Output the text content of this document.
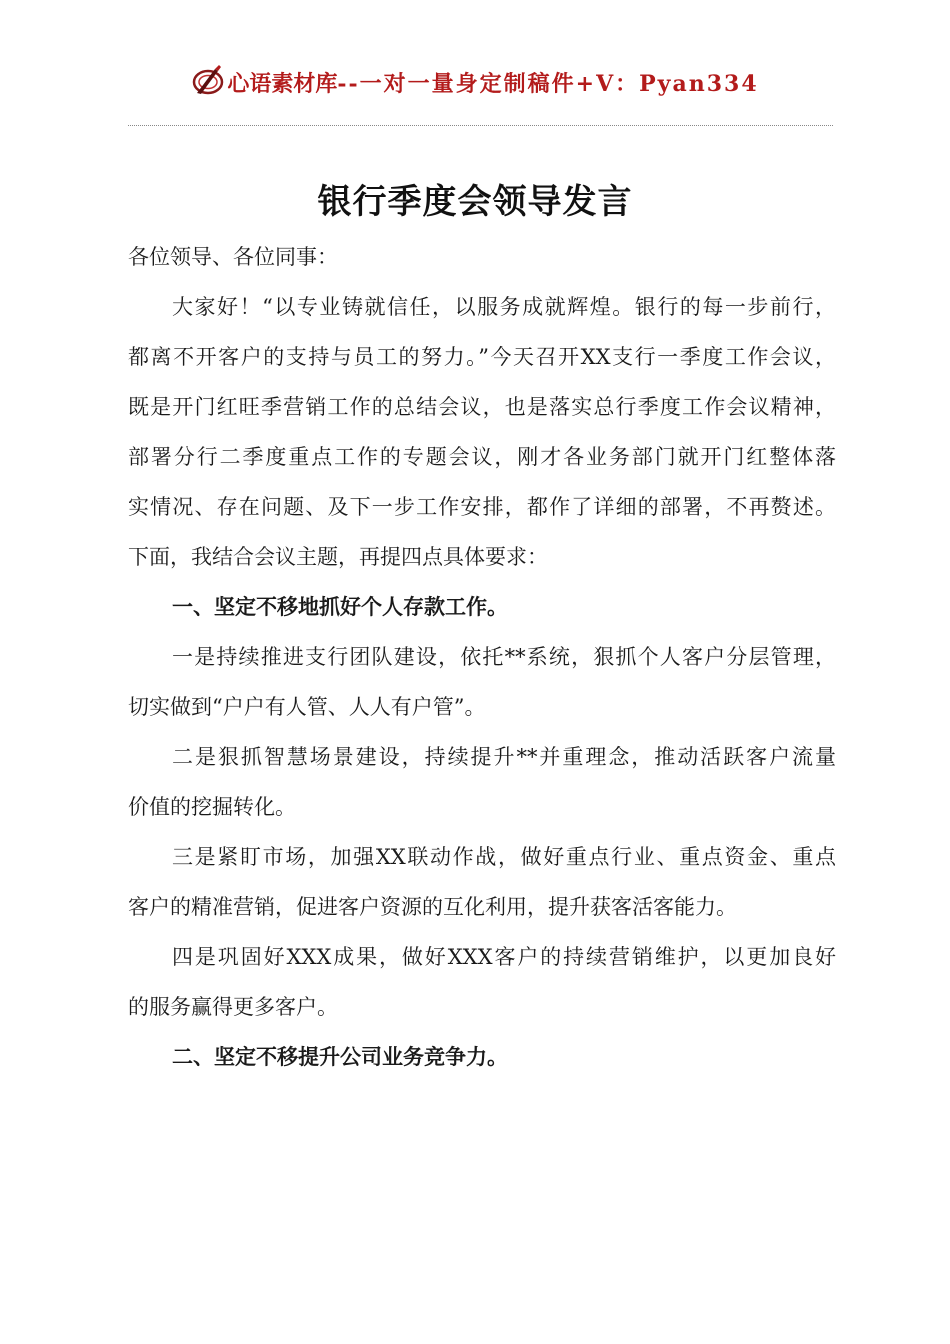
心语素材库 --一对一量身定制稿件+V：Pyan334
银行季度会领导发言
各位领导、各位同事：
大家好！“以专业铸就信任，以服务成就辉煌。银行的每一步前行，
都离不开客户的支持与员工的努力。”今天召开XX支行一季度工作会议，
既是开门红旺季营销工作的总结会议，也是落实总行季度工作会议精神，
部署分行二季度重点工作的专题会议，刚才各业务部门就开门红整体落
实情况、存在问题、及下一步工作安排，都作了详细的部署，不再赘述。
下面，我结合会议主题，再提四点具体要求：
一、坚定不移地抓好个人存款工作。
一是持续推进支行团队建设，依托**系统，狠抓个人客户分层管理，
切实做到“户户有人管、人人有户管”。
二是狠抓智慧场景建设，持续提升**并重理念，推动活跃客户流量
价值的挖掘转化。
三是紧盯市场，加强XX联动作战，做好重点行业、重点资金、重点
客户的精准营销，促进客户资源的互化利用，提升获客活客能力。
四是巩固好XXX成果，做好XXX客户的持续营销维护，以更加良好
的服务赢得更多客户。
二、坚定不移提升公司业务竞争力。
